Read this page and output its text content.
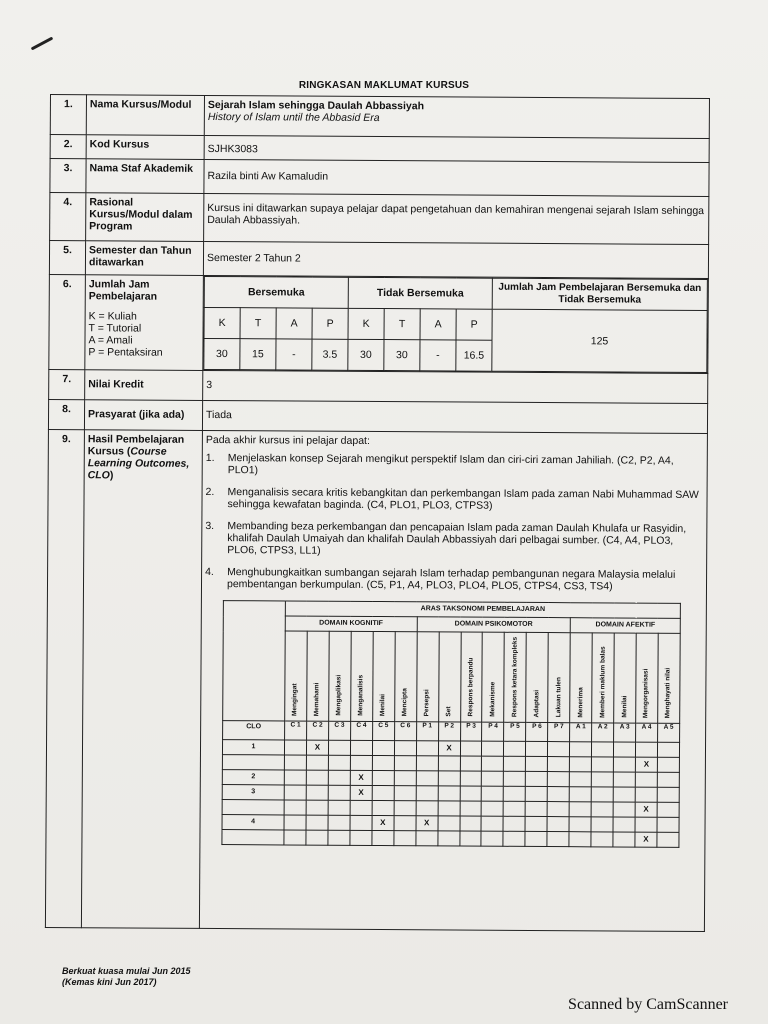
RINGKASAN MAKLUMAT KURSUS
1.	Nama Kursus/Modul	Sejarah Islam sehingga Daulah Abbassiyah
History of Islam until the Abbasid Era

2.	Kod Kursus	SJHK3083
3.	Nama Staf Akademik	Razila binti Aw Kamaludin
4.	Rasional Kursus/Modul dalam Program	Kursus ini ditawarkan supaya pelajar dapat pengetahuan dan kemahiran mengenai sejarah Islam sehingga Daulah Abbassiyah.
5.	Semester dan Tahun ditawarkan	Semester 2 Tahun 2
6.	Jumlah Jam Pembelajaran
K = Kuliah
T = Tutorial
A = Amali
P = Pentaksiran

Bersemuka	Tidak Bersemuka	Jumlah Jam Pembelajaran Bersemuka dan Tidak Bersemuka
K	T	A	P	K	T	A	P	125
30	15	-	3.5	30	30	-	16.5

7.	Nilai Kredit	3
8.	Prasyarat (jika ada)	Tiada
9.	Hasil Pembelajaran Kursus (Course Learning Outcomes, CLO)	
Pada akhir kursus ini pelajar dapat:
1. Menjelaskan konsep Sejarah mengikut perspektif Islam dan ciri-ciri zaman Jahiliah. (C2, P2, A4, PLO1)
2. Menganalisis secara kritis kebangkitan dan perkembangan Islam pada zaman Nabi Muhammad SAW sehingga kewafatan baginda. (C4, PLO1, PLO3, CTPS3)
3. Membanding beza perkembangan dan pencapaian Islam pada zaman Daulah Khulafa ur Rasyidin, khalifah Daulah Umaiyah dan khalifah Daulah Abbassiyah dari pelbagai sumber. (C4, A4, PLO3, PLO6, CTPS3, LL1)
4. Menghubungkaitkan sumbangan sejarah Islam terhadap pembangunan negara Malaysia melalui pembentangan berkumpulan. (C5, P1, A4, PLO3, PLO4, PLO5, CTPS4, CS3, TS4)
	ARAS TAKSONOMI PEMBELAJARAN
DOMAIN KOGNITIF	DOMAIN PSIKOMOTOR	DOMAIN AFEKTIF
Mengingat	Memahami	Mengaplikasi	Menganalisis	Menilai	Mencipta	Persepsi	Set	Respons berpandu	Mekanisme	Respons ketara kompleks	Adaptasi	Lakuan tulen	Menerima	Memberi maklum balas	Menilai	Mengorganisasi	Menghayati nilai
CLO	C 1	C 2	C 3	C 4	C 5	C 6	P 1	P 2	P 3	P 4	P 5	P 6	P 7	A 1	A 2	A 3	A 4	A 5
1		X						X										
																	X	
2				X														
3				X														
																	X	
4					X		X											
																	X	
Berkuat kuasa mulai Jun 2015
(Kemas kini Jun 2017)
Scanned by CamScanner
